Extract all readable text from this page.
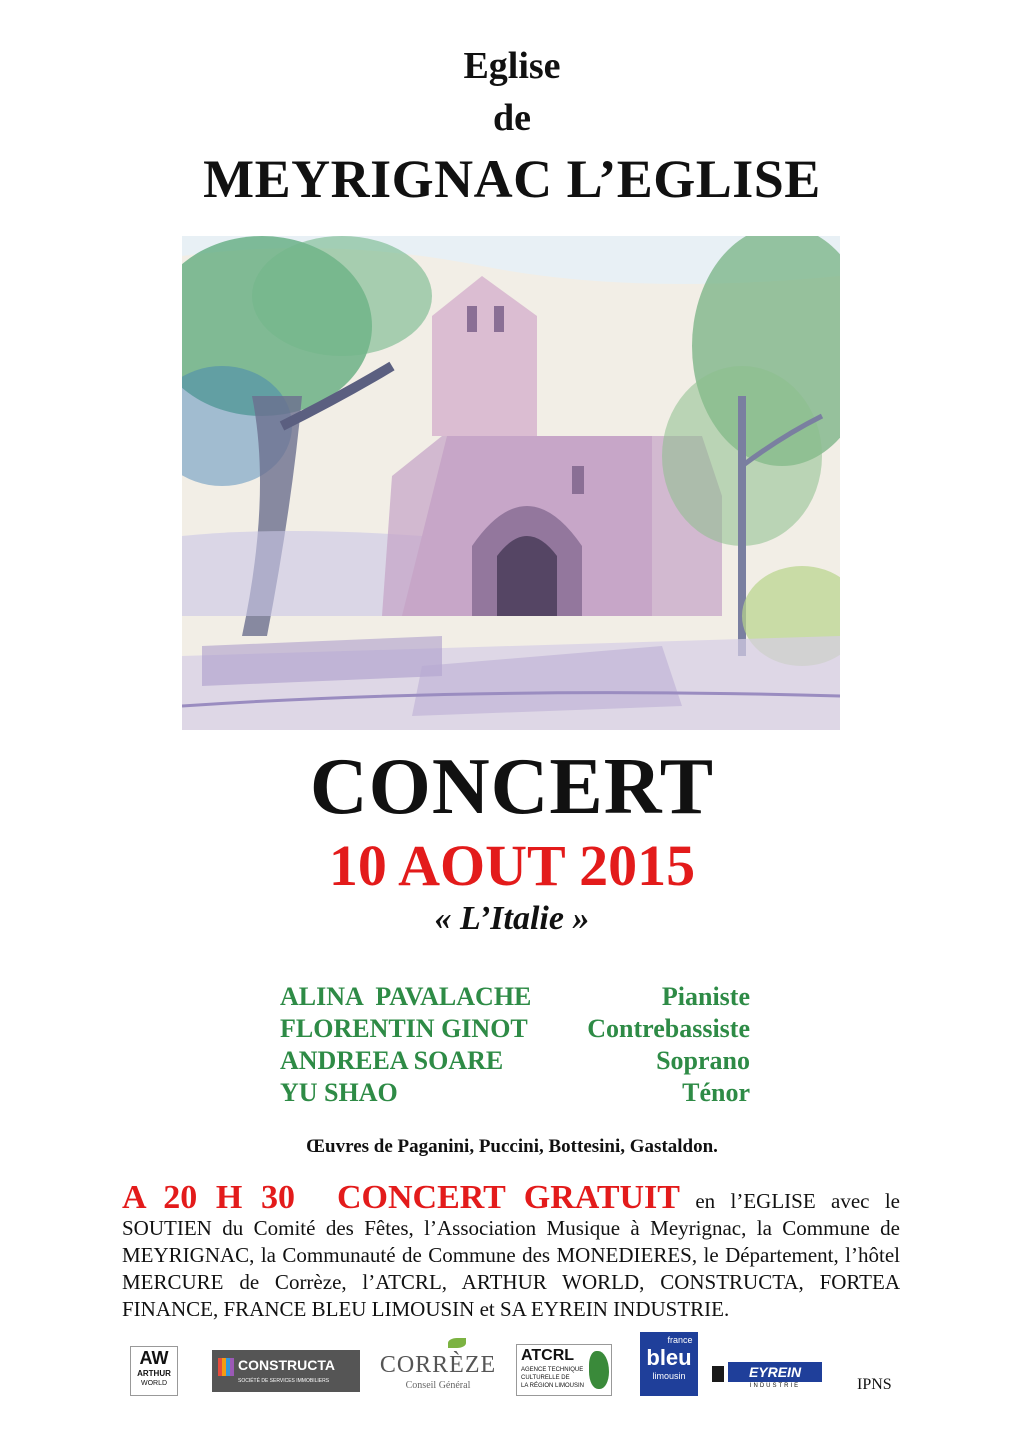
Eglise
de
MEYRIGNAC L’EGLISE
CONCERT
10 AOUT 2015
« L’Italie »
ALINA  PAVALACHE	Pianiste
FLORENTIN GINOT Contrebassiste
ANDREEA SOARE	Soprano
YU SHAO	Ténor
Œuvres de Paganini, Puccini, Bottesini, Gastaldon.
A 20 H 30 CONCERT GRATUIT en l’EGLISE avec le SOUTIEN du Comité des Fêtes, l’Association Musique à Meyrignac, la Commune de MEYRIGNAC, la Communauté de Commune des MONEDIERES, le Département, l’hôtel MERCURE de Corrèze, l’ATCRL, ARTHUR WORLD, CONSTRUCTA, FORTEA FINANCE, FRANCE BLEU LIMOUSIN et SA EYREIN INDUSTRIE.
AW
ARTHUR
WORLD
CONSTRUCTA
SOCIÉTÉ DE SERVICES IMMOBILIERS
CORRÈZE
Conseil Général
ATCRL
AGENCE TECHNIQUE
CULTURELLE DE
LA RÉGION LIMOUSIN
france
bleu
limousin	EYREIN
INDUSTRIE	IPNS
